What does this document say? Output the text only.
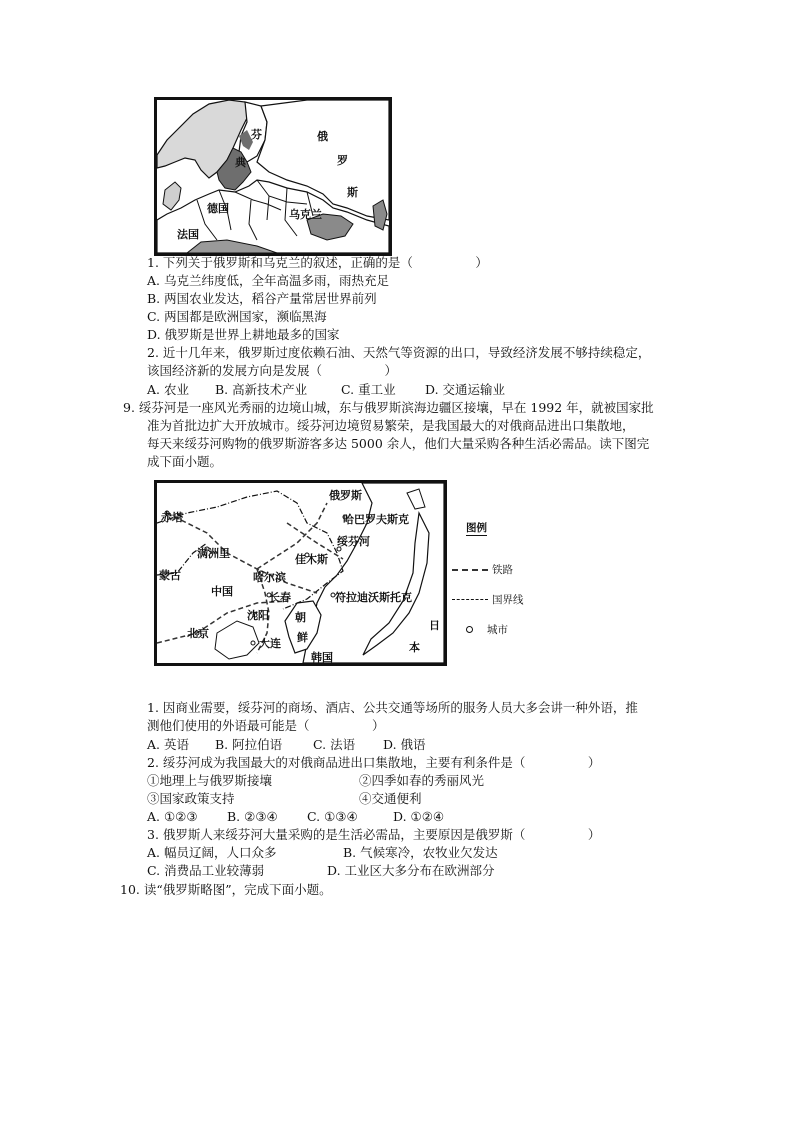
芬
典
俄
罗
斯
德国	乌克兰
法国
1. 下列关于俄罗斯和乌克兰的叙述，正确的是（　　　　　）
A. 乌克兰纬度低，全年高温多雨，雨热充足
B. 两国农业发达，稻谷产量常居世界前列
C. 两国都是欧洲国家，濒临黑海
D. 俄罗斯是世界上耕地最多的国家
2. 近十几年来，俄罗斯过度依赖石油、天然气等资源的出口，导致经济发展不够持续稳定，
该国经济新的发展方向是发展（　　　　　）
A. 农业 B. 高新技术产业	C. 重工业 D. 交通运输业
9. 绥芬河是一座风光秀丽的边境山城，东与俄罗斯滨海边疆区接壤，早在 1992 年，就被国家批
准为首批边扩大开放城市。绥芬河边境贸易繁荣，是我国最大的对俄商品进出口集散地，
每天来绥芬河购物的俄罗斯游客多达 5000 余人，他们大量采购各种生活必需品。读下图完
成下面小题。
俄罗斯
赤塔	哈巴罗夫斯克
满洲里	佳木斯
绥芬河
蒙古
中国
哈尔滨
长春	符拉迪沃斯托克
沈阳 朝
鲜
北京
大连
韩国
日
本
图例
铁路
国界线
城市
1. 因商业需要，绥芬河的商场、酒店、公共交通等场所的服务人员大多会讲一种外语，推
测他们使用的外语最可能是（　　　　　）
A. 英语 B. 阿拉伯语 C. 法语 D. 俄语
2. 绥芬河成为我国最大的对俄商品进出口集散地，主要有利条件是（　　　　　）
①地理上与俄罗斯接壤	②四季如春的秀丽风光
③国家政策支持	④交通便利
A. ①②③ B. ②③④ C. ①③④	D. ①②④
3. 俄罗斯人来绥芬河大量采购的是生活必需品，主要原因是俄罗斯（　　　　　）
A. 幅员辽阔，人口众多	B. 气候寒冷，农牧业欠发达
C. 消费品工业较薄弱	D. 工业区大多分布在欧洲部分
10. 读“俄罗斯略图”，完成下面小题。
